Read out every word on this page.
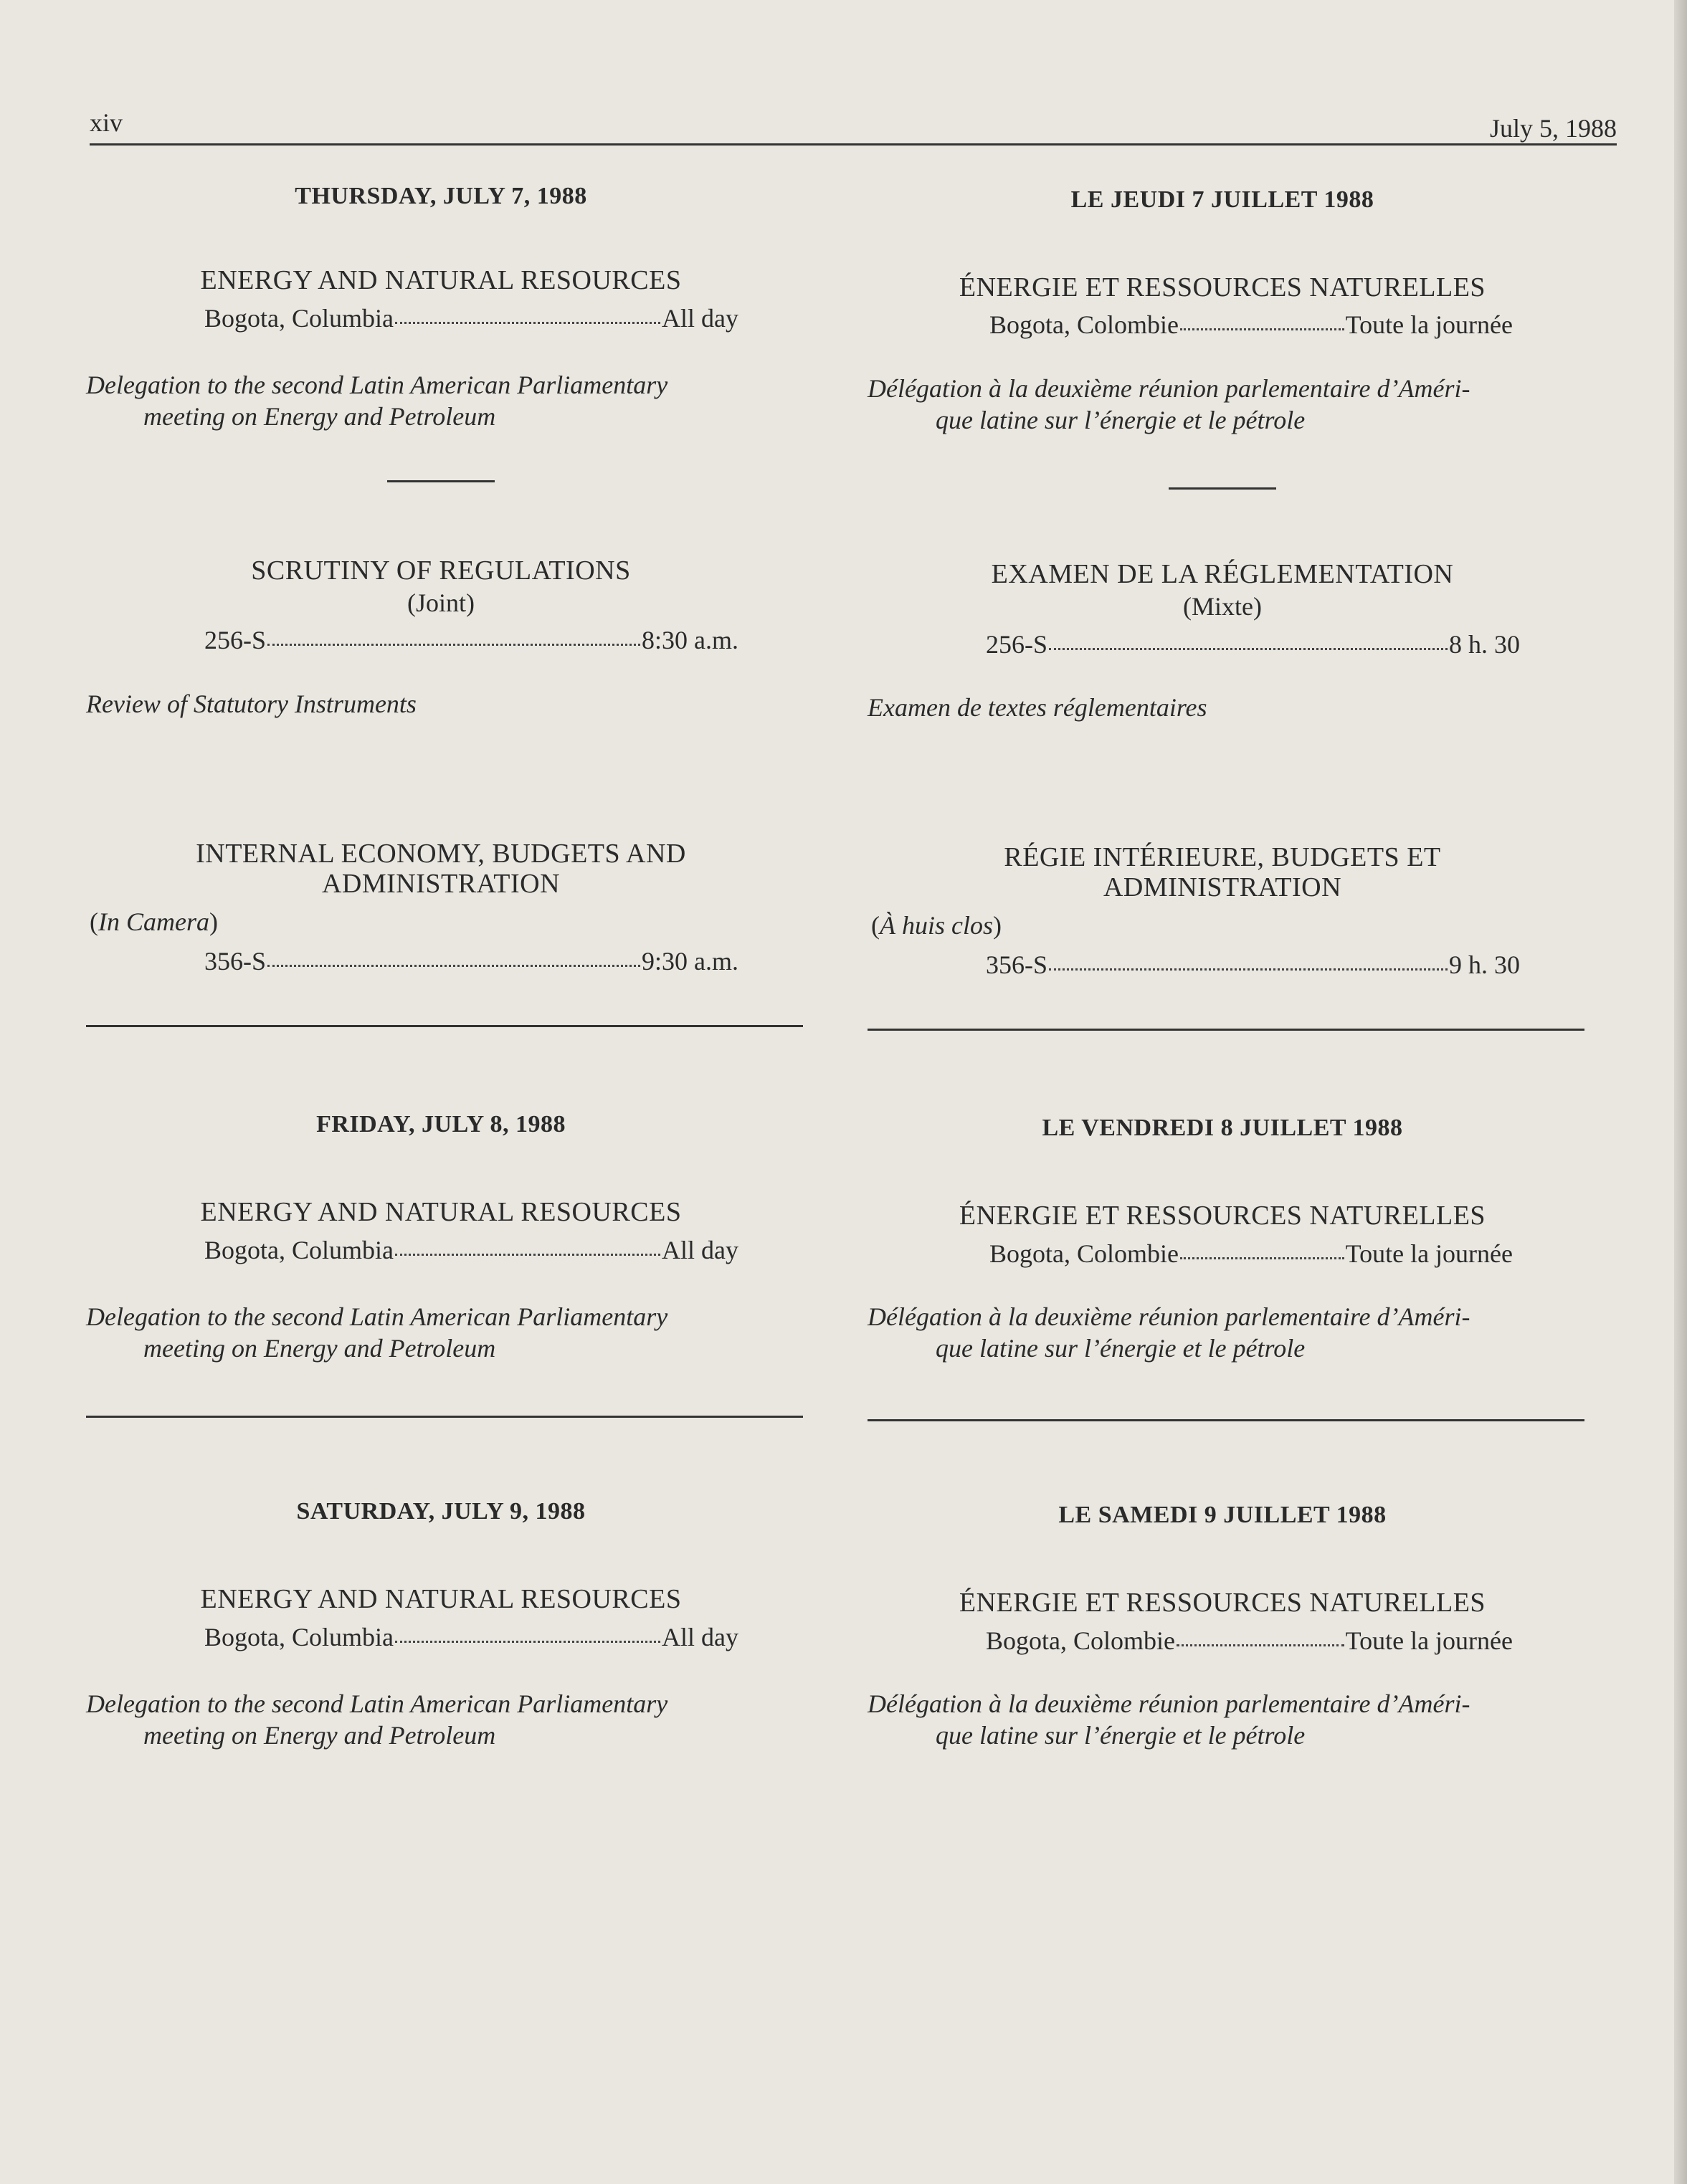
xiv	July 5, 1988
THURSDAY, JULY 7, 1988
ENERGY AND NATURAL RESOURCES
Bogota, Columbia	All day
Delegation to the second Latin American Parliamentary
meeting on Energy and Petroleum
SCRUTINY OF REGULATIONS
(Joint)
256-S	8:30 a.m.
Review of Statutory Instruments
INTERNAL ECONOMY, BUDGETS AND
ADMINISTRATION
(In Camera)
356-S	9:30 a.m.
FRIDAY, JULY 8, 1988
ENERGY AND NATURAL RESOURCES
Bogota, Columbia	All day
Delegation to the second Latin American Parliamentary
meeting on Energy and Petroleum
SATURDAY, JULY 9, 1988
ENERGY AND NATURAL RESOURCES
Bogota, Columbia	All day
Delegation to the second Latin American Parliamentary
meeting on Energy and Petroleum
LE JEUDI 7 JUILLET 1988
ÉNERGIE ET RESSOURCES NATURELLES
Bogota, Colombie	Toute la journée
Délégation à la deuxième réunion parlementaire d’Améri-
que latine sur l’énergie et le pétrole
EXAMEN DE LA RÉGLEMENTATION
(Mixte)
256-S	8 h. 30
Examen de textes réglementaires
RÉGIE INTÉRIEURE, BUDGETS ET
ADMINISTRATION
(À huis clos)
356-S	9 h. 30
LE VENDREDI 8 JUILLET 1988
ÉNERGIE ET RESSOURCES NATURELLES
Bogota, Colombie	Toute la journée
Délégation à la deuxième réunion parlementaire d’Améri-
que latine sur l’énergie et le pétrole
LE SAMEDI 9 JUILLET 1988
ÉNERGIE ET RESSOURCES NATURELLES
Bogota, Colombie	Toute la journée
Délégation à la deuxième réunion parlementaire d’Améri-
que latine sur l’énergie et le pétrole
